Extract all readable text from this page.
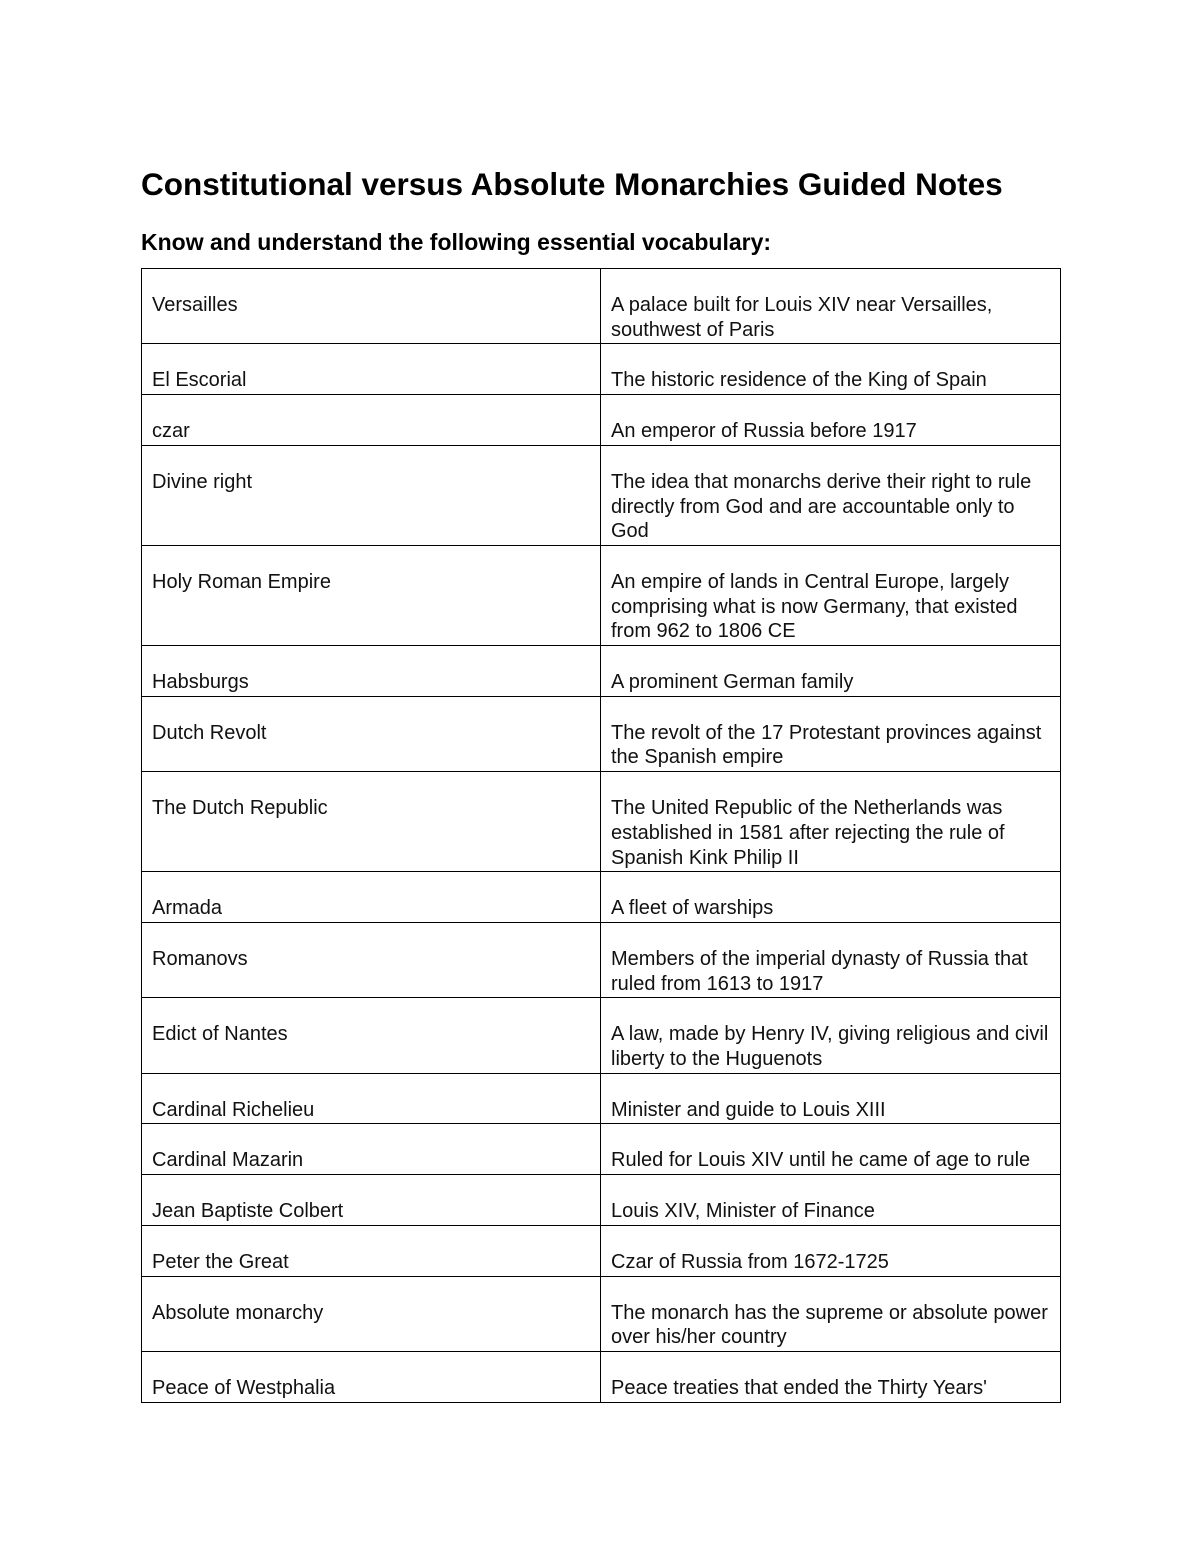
Constitutional versus Absolute Monarchies Guided Notes
Know and understand the following essential vocabulary:
Versailles	A palace built for Louis XIV near Versailles, southwest of Paris
El Escorial	The historic residence of the King of Spain
czar	An emperor of Russia before 1917
Divine right	The idea that monarchs derive their right to rule directly from God and are accountable only to God
Holy Roman Empire	An empire of lands in Central Europe, largely comprising what is now Germany, that existed from 962 to 1806 CE
Habsburgs	A prominent German family
Dutch Revolt	The revolt of the 17 Protestant provinces against the Spanish empire
The Dutch Republic	The United Republic of the Netherlands was established in 1581 after rejecting the rule of Spanish Kink Philip II
Armada	A fleet of warships
Romanovs	Members of the imperial dynasty of Russia that ruled from 1613 to 1917
Edict of Nantes	A law, made by Henry IV, giving religious and civil liberty to the Huguenots
Cardinal Richelieu	Minister and guide to Louis XIII
Cardinal Mazarin	Ruled for Louis XIV until he came of age to rule
Jean Baptiste Colbert	Louis XIV, Minister of Finance
Peter the Great	Czar of Russia from 1672-1725
Absolute monarchy	The monarch has the supreme or absolute power over his/her country
Peace of Westphalia	Peace treaties that ended the Thirty Years'
